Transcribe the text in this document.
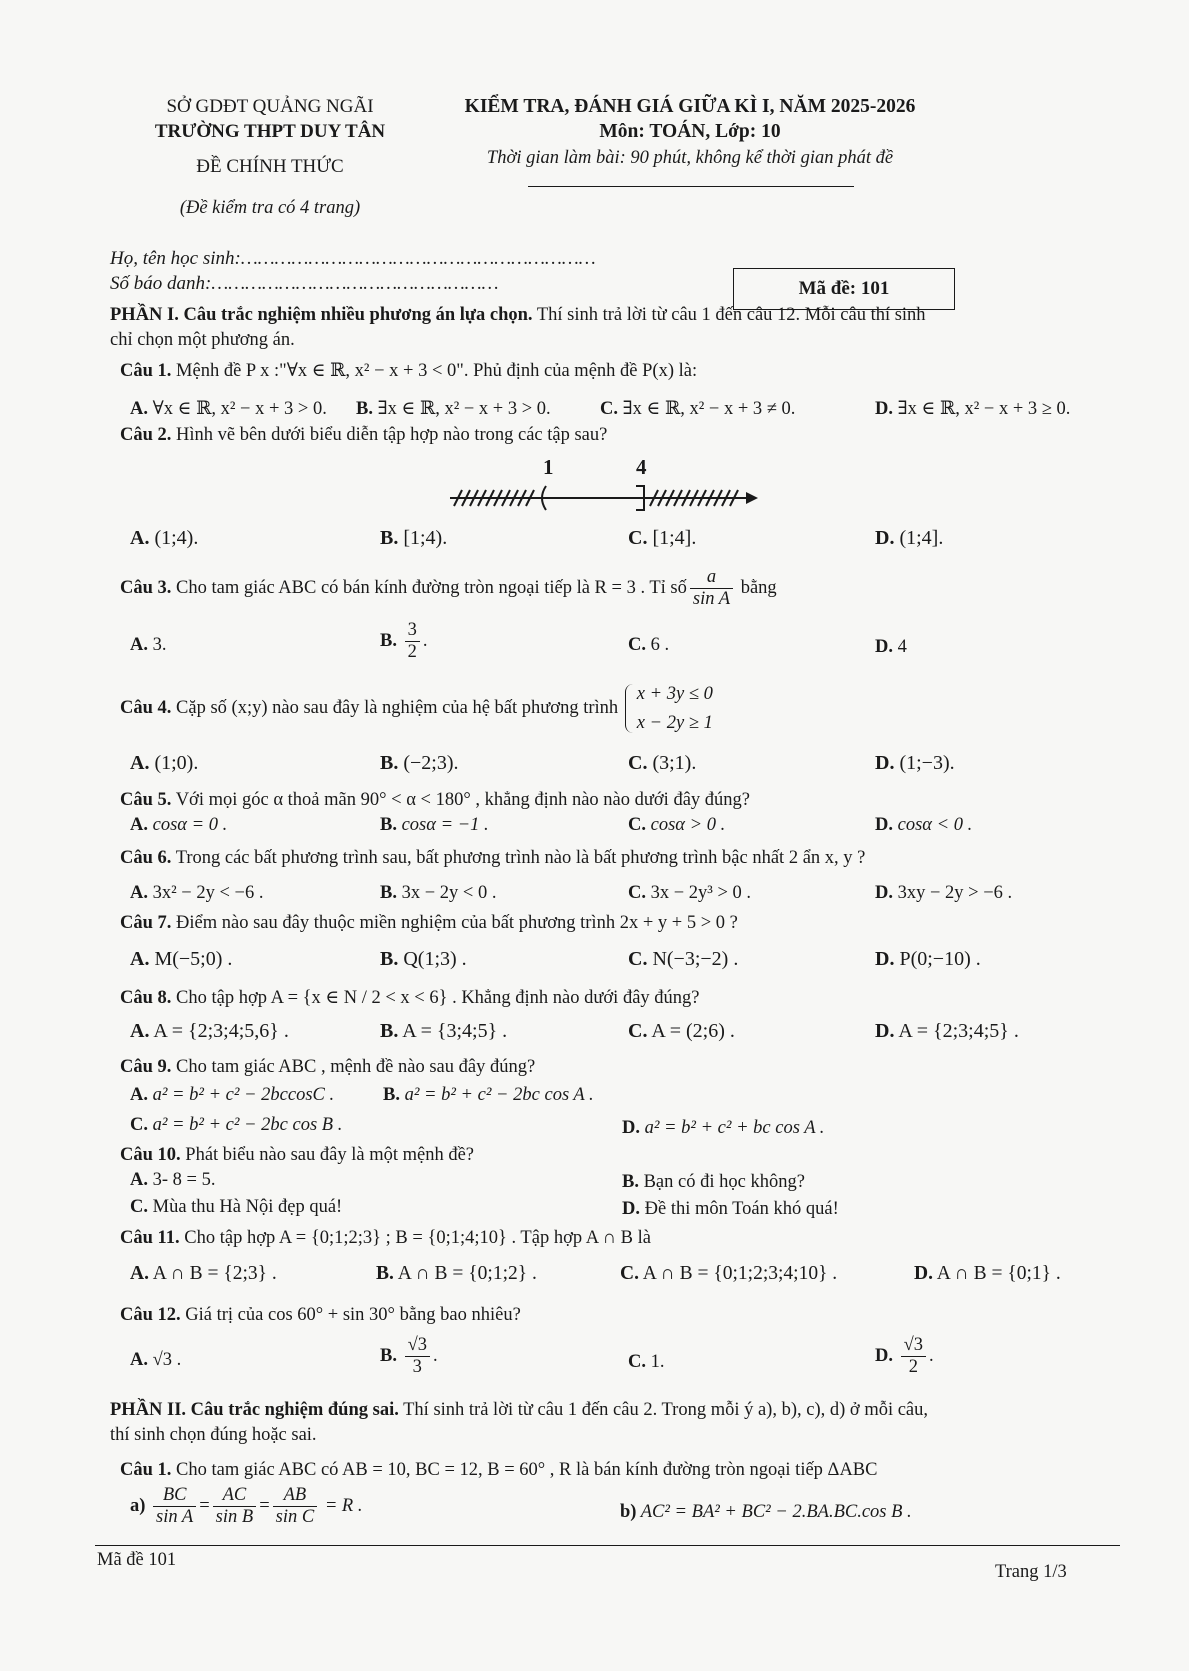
SỞ GDĐT QUẢNG NGÃI
TRƯỜNG THPT DUY TÂN
ĐỀ CHÍNH THỨC
(Đề kiểm tra có 4 trang)
KIỂM TRA, ĐÁNH GIÁ GIỮA KÌ I, NĂM 2025-2026
Môn: TOÁN, Lớp: 10
Thời gian làm bài: 90 phút, không kể thời gian phát đề
Họ, tên học sinh:………………………………………………………
Số báo danh:……………………………………………	Mã đề: 101
PHẦN I. Câu trắc nghiệm nhiều phương án lựa chọn. Thí sinh trả lời từ câu 1 đến câu 12. Mỗi câu thí sinh
chỉ chọn một phương án.
Câu 1. Mệnh đề P x :"∀x ∈ ℝ, x² − x + 3 < 0". Phủ định của mệnh đề P(x) là:
A. ∀x ∈ ℝ, x² − x + 3 > 0. B. ∃x ∈ ℝ, x² − x + 3 > 0.	C. ∃x ∈ ℝ, x² − x + 3 ≠ 0.	D. ∃x ∈ ℝ, x² − x + 3 ≥ 0.
Câu 2. Hình vẽ bên dưới biểu diễn tập hợp nào trong các tập sau?
1	4
A. (1;4).	B. [1;4).	C. [1;4].	D. (1;4].
Câu 3. Cho tam giác ABC có bán kính đường tròn ngoại tiếp là R = 3 . Tỉ số $\frac{a}{\text{sin A}}$ bằng
A. 3.	B. $\frac{3}{2}$ .	C. 6 .	D. 4
Câu 4. Cặp số (x;y) nào sau đây là nghiệm của hệ bất phương trình
x + 3y ≤ 0
x − 2y ≥ 1
A. (1;0).	B. (−2;3).	C. (3;1).	D. (1;−3).
Câu 5. Với mọi góc α thoả mãn 90° < α < 180° , khẳng định nào nào dưới đây đúng?
A. cosα = 0 .	B. cosα = −1 .	C. cosα > 0 .	D. cosα < 0 .
Câu 6. Trong các bất phương trình sau, bất phương trình nào là bất phương trình bậc nhất 2 ẩn x, y ?
A. 3x² − 2y < −6 .	B. 3x − 2y < 0 .	C. 3x − 2y³ > 0 .	D. 3xy − 2y > −6 .
Câu 7. Điểm nào sau đây thuộc miền nghiệm của bất phương trình 2x + y + 5 > 0 ?
A. M(−5;0) .	B. Q(1;3) .	C. N(−3;−2) .	D. P(0;−10) .
Câu 8. Cho tập hợp A = {x ∈ N / 2 < x < 6} . Khẳng định nào dưới đây đúng?
A. A = {2;3;4;5,6} .	B. A = {3;4;5} .	C. A = (2;6) .	D. A = {2;3;4;5} .
Câu 9. Cho tam giác ABC , mệnh đề nào sau đây đúng?
A. a² = b² + c² − 2bccosC .	B. a² = b² + c² − 2bc cos A .
C. a² = b² + c² − 2bc cos B .	D. a² = b² + c² + bc cos A .
Câu 10. Phát biểu nào sau đây là một mệnh đề?
A. 3- 8 = 5.	B. Bạn có đi học không?
C. Mùa thu Hà Nội đẹp quá!	D. Đề thi môn Toán khó quá!
Câu 11. Cho tập hợp A = {0;1;2;3} ; B = {0;1;4;10} . Tập hợp A ∩ B là
A. A ∩ B = {2;3} .	B. A ∩ B = {0;1;2} .	C. A ∩ B = {0;1;2;3;4;10} .	D. A ∩ B = {0;1} .
Câu 12. Giá trị của cos 60° + sin 30° bằng bao nhiêu?
A. √3 .	B. $\frac{√3}{3}$ .	C. 1.	D. $\frac{√3}{2}$ .
PHẦN II. Câu trắc nghiệm đúng sai. Thí sinh trả lời từ câu 1 đến câu 2. Trong mỗi ý a), b), c), d) ở mỗi câu,
thí sinh chọn đúng hoặc sai.
Câu 1. Cho tam giác ABC có AB = 10, BC = 12, B = 60° , R là bán kính đường tròn ngoại tiếp ΔABC
$a) \frac{BC}{\text{sin A}} = \frac{AC}{\text{sin B}} = \frac{AB}{\text{sin C}} = R$ .	b) AC² = BA² + BC² − 2.BA.BC.cos B .
Mã đề 101
Trang 1/3
